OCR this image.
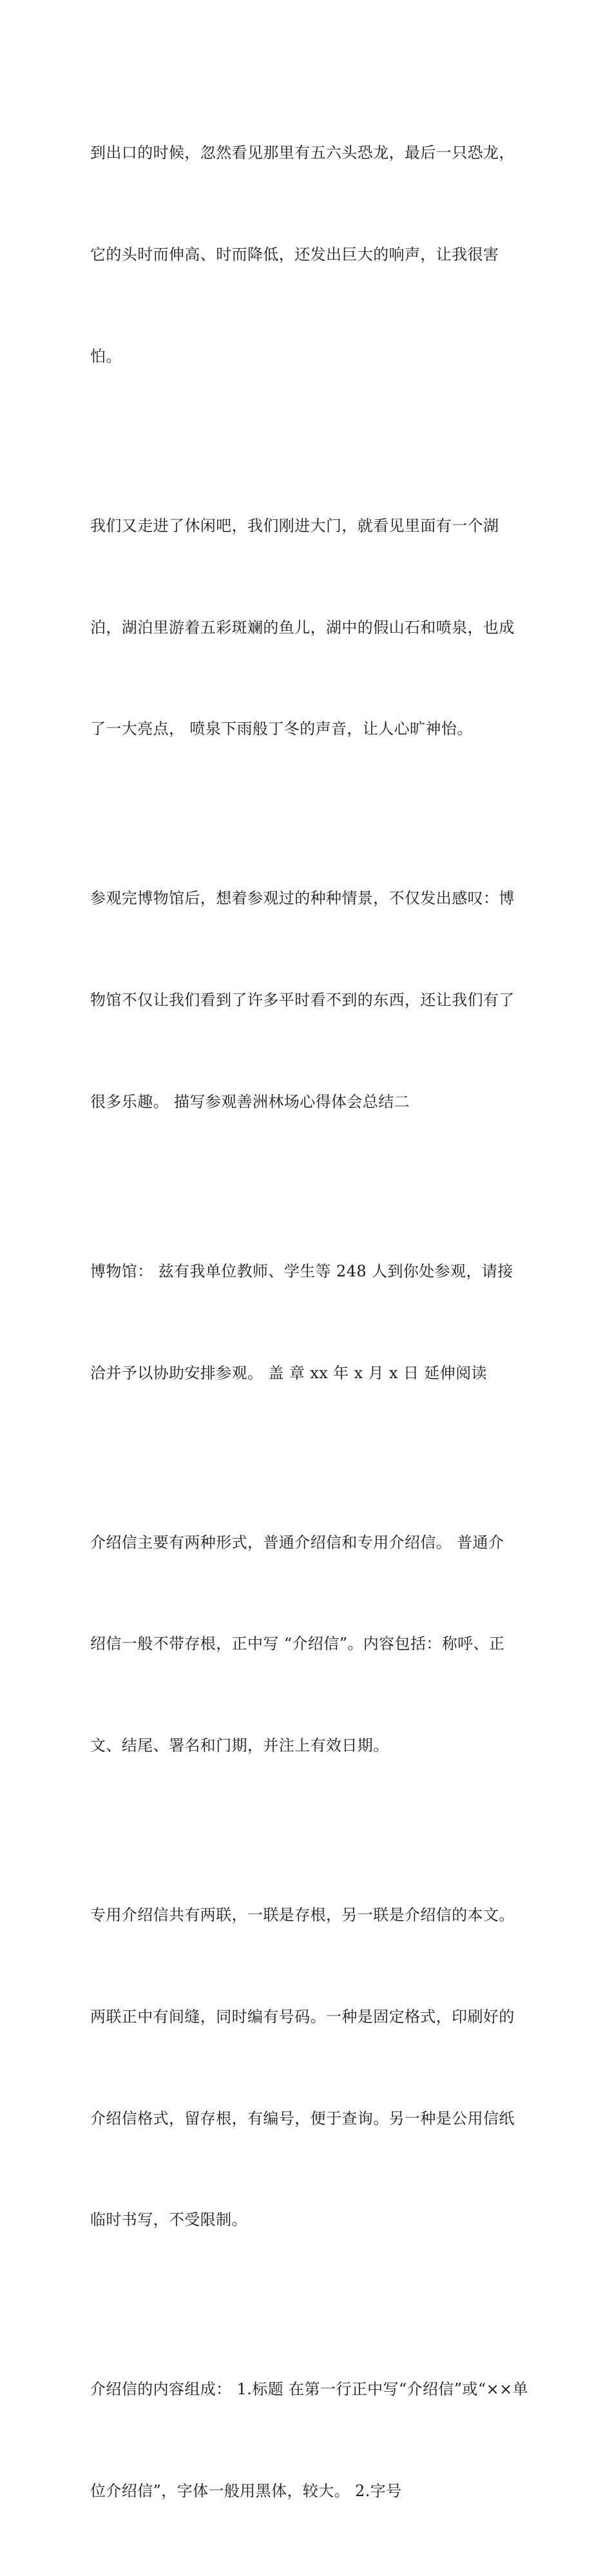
到出口的时候，忽然看见那里有五六头恐龙，最后一只恐龙，

它的头时而伸高、时而降低，还发出巨大的响声，让我很害

怕。

我们又走进了休闲吧，我们刚进大门，就看见里面有一个湖

泊，湖泊里游着五彩斑斓的鱼儿，湖中的假山石和喷泉，也成

了一大亮点， 喷泉下雨般丁冬的声音，让人心旷神怡。

参观完博物馆后，想着参观过的种种情景，不仅发出感叹：博

物馆不仅让我们看到了许多平时看不到的东西，还让我们有了

很多乐趣。 描写参观善洲林场心得体会总结二

博物馆： 兹有我单位教师、学生等 248 人到你处参观，请接

洽并予以协助安排参观。 盖 章 xx 年 x 月 x 日 延伸阅读

介绍信主要有两种形式，普通介绍信和专用介绍信。 普通介

绍信一般不带存根，正中写 “介绍信”。内容包括：称呼、正

文、结尾、署名和门期，并注上有效日期。

专用介绍信共有两联，一联是存根，另一联是介绍信的本文。

两联正中有间缝，同时编有号码。一种是固定格式，印刷好的

介绍信格式，留存根，有编号，便于查询。另一种是公用信纸

临时书写，不受限制。

介绍信的内容组成： 1.标题 在第一行正中写“介绍信”或“××单

位介绍信”，字体一般用黑体，较大。 2.字号
